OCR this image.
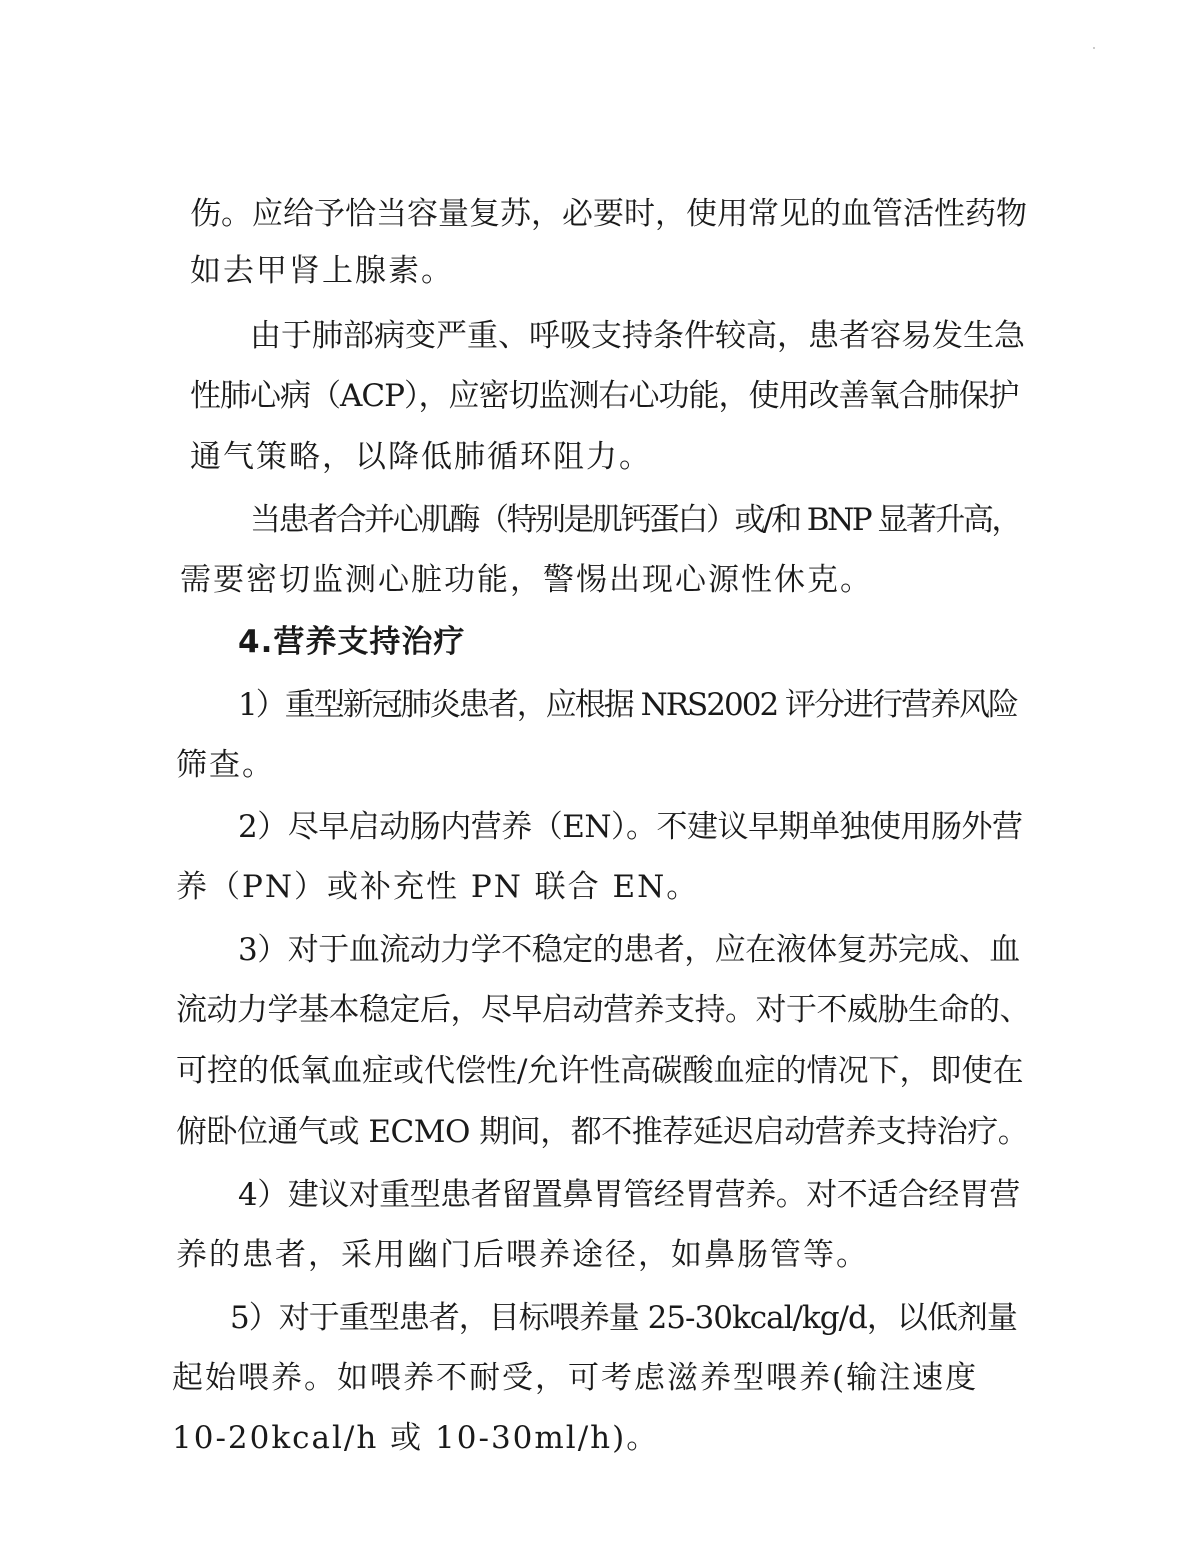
伤。应给予恰当容量复苏，必要时，使用常见的血管活性药物
如去甲肾上腺素。
由于肺部病变严重、呼吸支持条件较高，患者容易发生急
性肺心病（ACP），应密切监测右心功能，使用改善氧合肺保护
通气策略，以降低肺循环阻力。
当患者合并心肌酶（特别是肌钙蛋白）或/和 BNP 显著升高，
需要密切监测心脏功能，警惕出现心源性休克。
4.营养支持治疗
1）重型新冠肺炎患者，应根据 NRS2002 评分进行营养风险
筛查。
2）尽早启动肠内营养（EN）。不建议早期单独使用肠外营
养（PN）或补充性 PN 联合 EN。
3）对于血流动力学不稳定的患者，应在液体复苏完成、血
流动力学基本稳定后，尽早启动营养支持。对于不威胁生命的、
可控的低氧血症或代偿性/允许性高碳酸血症的情况下，即使在
俯卧位通气或 ECMO 期间，都不推荐延迟启动营养支持治疗。
4）建议对重型患者留置鼻胃管经胃营养。对不适合经胃营
养的患者，采用幽门后喂养途径，如鼻肠管等。
5）对于重型患者，目标喂养量 25-30kcal/kg/d，以低剂量
起始喂养。如喂养不耐受，可考虑滋养型喂养(输注速度
10-20kcal/h 或 10-30ml/h)。
